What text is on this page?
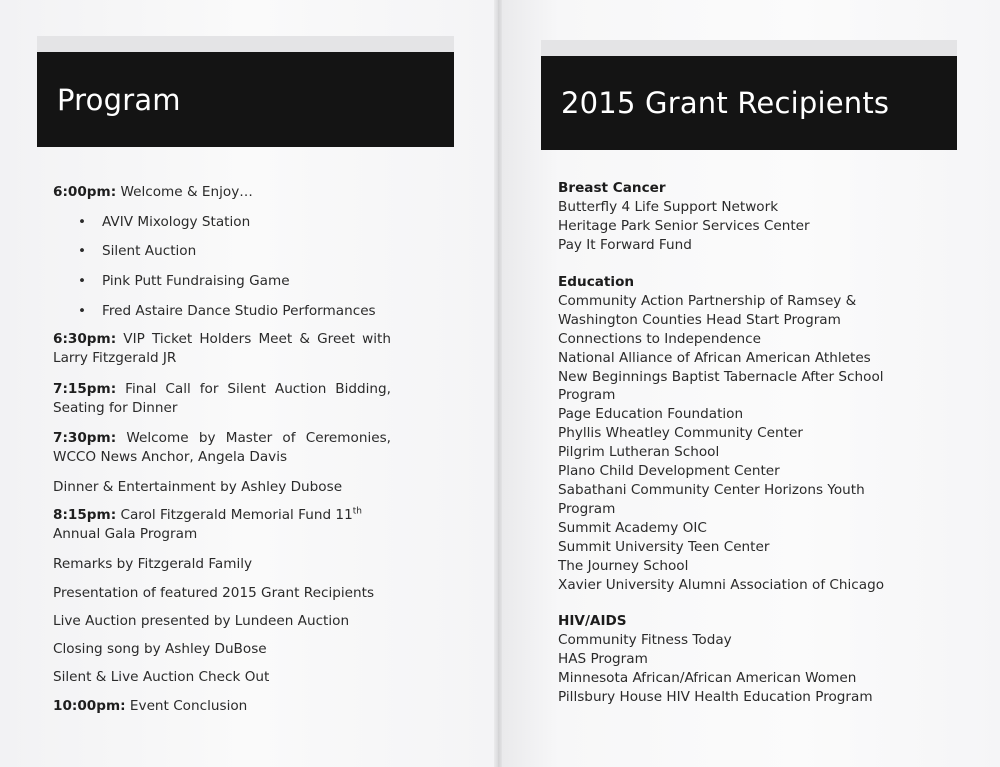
Program	2015 Grant Recipients
6:00pm: Welcome & Enjoy…
• AVIV Mixology Station
• Silent Auction
• Pink Putt Fundraising Game
• Fred Astaire Dance Studio Performances
6:30pm: VIP Ticket Holders Meet & Greet with Larry Fitzgerald JR
7:15pm: Final Call for Silent Auction Bidding, Seating for Dinner
7:30pm: Welcome by Master of Ceremonies, WCCO News Anchor, Angela Davis
Dinner & Entertainment by Ashley Dubose
8:15pm: Carol Fitzgerald Memorial Fund 11th Annual Gala Program
Remarks by Fitzgerald Family
Presentation of featured 2015 Grant Recipients
Live Auction presented by Lundeen Auction
Closing song by Ashley DuBose
Silent & Live Auction Check Out
10:00pm: Event Conclusion
Breast Cancer
Butterfly 4 Life Support Network
Heritage Park Senior Services Center
Pay It Forward Fund
Education
Community Action Partnership of Ramsey &
Washington Counties Head Start Program
Connections to Independence
National Alliance of African American Athletes
New Beginnings Baptist Tabernacle After School
Program
Page Education Foundation
Phyllis Wheatley Community Center
Pilgrim Lutheran School
Plano Child Development Center
Sabathani Community Center Horizons Youth
Program
Summit Academy OIC
Summit University Teen Center
The Journey School
Xavier University Alumni Association of Chicago
HIV/AIDS
Community Fitness Today
HAS Program
Minnesota African/African American Women
Pillsbury House HIV Health Education Program
